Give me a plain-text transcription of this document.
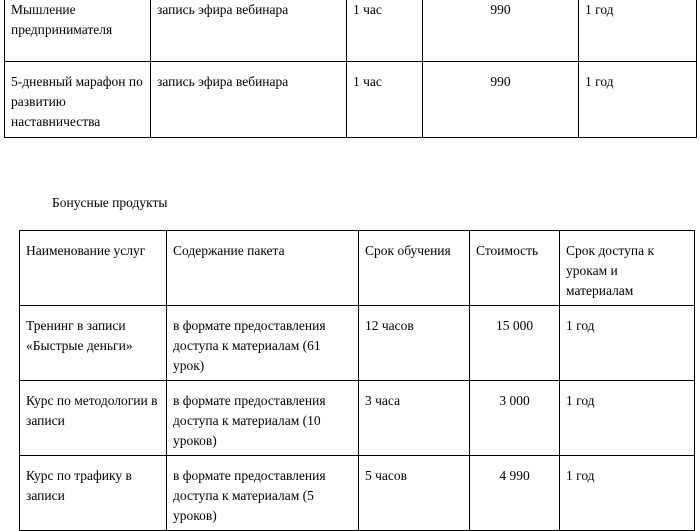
Мышление предпринимателя	запись эфира вебинара	1 час	990	1 год
5-дневный марафон по развитию наставничества	запись эфира вебинара	1 час	990	1 год

Бонусные продукты

Наименование услуг	Содержание пакета	Срок обучения	Стоимость	Срок доступа к урокам и материалам
Тренинг в записи «Быстрые деньги»	в формате предоставления доступа к материалам (61 урок)	12 часов	15 000	1 год
Курс по методологии в записи	в формате предоставления доступа к материалам (10 уроков)	3 часа	3 000	1 год
Курс по трафику в записи	в формате предоставления доступа к материалам (5 уроков)	5 часов	4 990	1 год
